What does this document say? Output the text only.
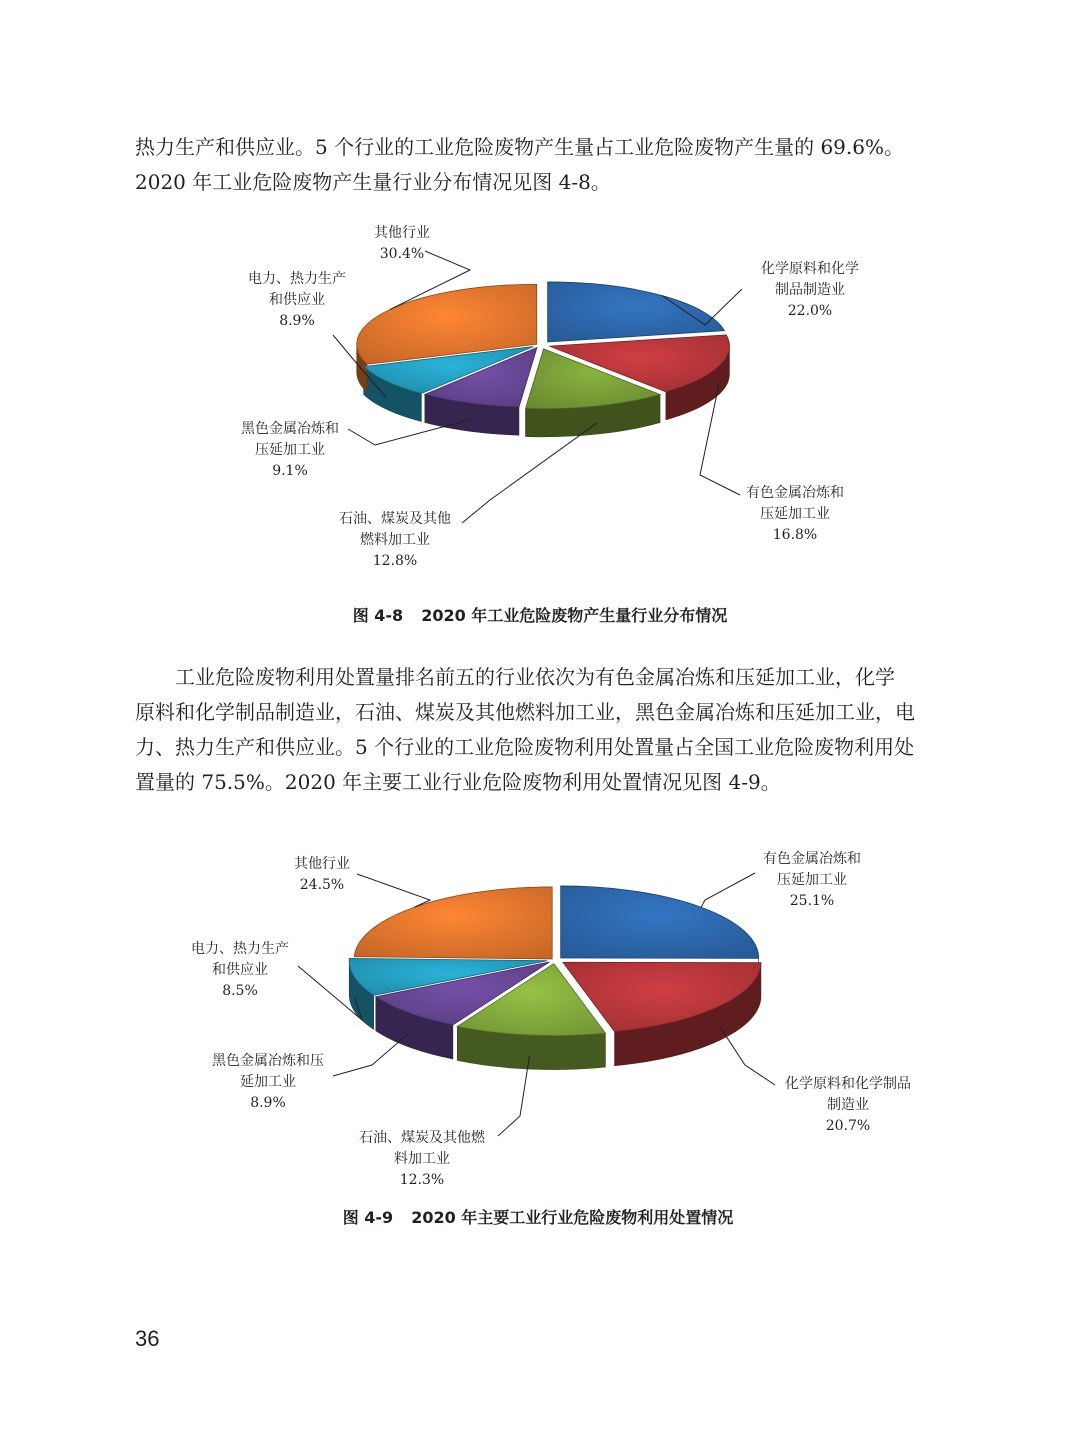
热力生产和供应业。5 个行业的工业危险废物产生量占工业危险废物产生量的 69.6%。
2020 年工业危险废物产生量行业分布情况见图 4-8。
化学原料和化学
制品制造业
22.0%
有色金属冶炼和
压延加工业
16.8%
石油、煤炭及其他
燃料加工业
12.8%
黑色金属冶炼和
压延加工业
9.1%
电力、热力生产
和供应业
8.9%
其他行业
30.4%
图 4-8 2020 年工业危险废物产生量行业分布情况
工业危险废物利用处置量排名前五的行业依次为有色金属冶炼和压延加工业，化学
原料和化学制品制造业，石油、煤炭及其他燃料加工业，黑色金属冶炼和压延加工业，电
力、热力生产和供应业。5 个行业的工业危险废物利用处置量占全国工业危险废物利用处
置量的 75.5%。2020 年主要工业行业危险废物利用处置情况见图 4-9。
有色金属冶炼和
压延加工业
25.1%
化学原料和化学制品
制造业
20.7%
石油、煤炭及其他燃
料加工业
12.3%
黑色金属冶炼和压
延加工业
8.9%
电力、热力生产
和供应业
8.5%
其他行业
24.5%
图 4-9 2020 年主要工业行业危险废物利用处置情况
36
